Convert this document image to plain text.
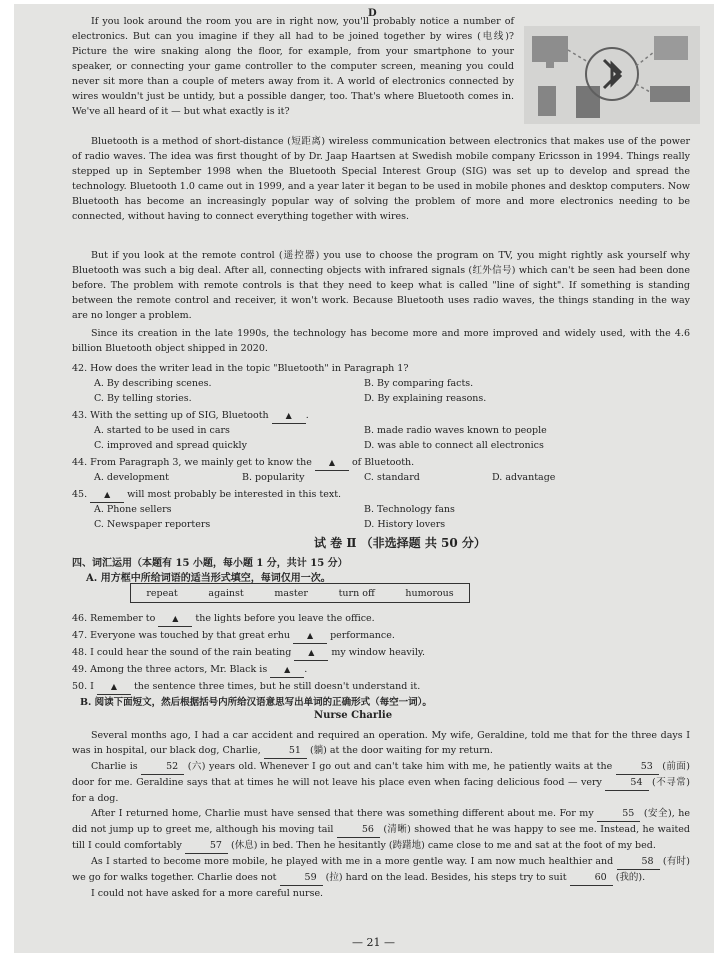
D

If you look around the room you are in right now, you'll probably notice a number of electronics. But can you imagine if they all had to be joined together by wires (电线)? Picture the wire snaking along the floor, for example, from your smartphone to your speaker, or connecting your game controller to the computer screen, meaning you could never sit more than a couple of meters away from it. A world of electronics connected by wires wouldn't just be untidy, but a possible danger, too. That's where Bluetooth comes in. We've all heard of it — but what exactly is it?

Bluetooth is a method of short-distance (短距离) wireless communication between electronics that makes use of the power of radio waves. The idea was first thought of by Dr. Jaap Haartsen at Swedish mobile company Ericsson in 1994. Things really stepped up in September 1998 when the Bluetooth Special Interest Group (SIG) was set up to develop and spread the technology. Bluetooth 1.0 came out in 1999, and a year later it began to be used in mobile phones and desktop computers. Now Bluetooth has become an increasingly popular way of solving the problem of more and more electronics needing to be connected, without having to connect everything together with wires.

But if you look at the remote control (遥控器) you use to choose the program on TV, you might rightly ask yourself why Bluetooth was such a big deal. After all, connecting objects with infrared signals (红外信号) which can't be seen had been done before. The problem with remote controls is that they need to keep what is called "line of sight". If something is standing between the remote control and receiver, it won't work. Because Bluetooth uses radio waves, the things standing in the way are no longer a problem.

Since its creation in the late 1990s, the technology has become more and more improved and widely used, with the 4.6 billion Bluetooth object shipped in 2020.

42. How does the writer lead in the topic "Bluetooth" in Paragraph 1?
A. By describing scenes.	B. By comparing facts.
C. By telling stories.	D. By explaining reasons.
43. With the setting up of SIG, Bluetooth ▲ .
A. started to be used in cars	B. made radio waves known to people
C. improved and spread quickly	D. was able to connect all electronics
44. From Paragraph 3, we mainly get to know the ▲ of Bluetooth.
A. development	B. popularity	C. standard	D. advantage
45. ▲ will most probably be interested in this text.
A. Phone sellers	B. Technology fans
C. Newspaper reporters	D. History lovers
试 卷 Ⅱ （非选择题 共 50 分）
四、词汇运用（本题有 15 小题，每小题 1 分，共计 15 分）
A. 用方框中所给词语的适当形式填空，每词仅用一次。
repeat	against	master	turn off	humorous
46. Remember to ▲ the lights before you leave the office.
47. Everyone was touched by that great erhu ▲ performance.
48. I could hear the sound of the rain beating ▲ my window heavily.
49. Among the three actors, Mr. Black is ▲ .
50. I ▲ the sentence three times, but he still doesn't understand it.
B. 阅读下面短文，然后根据括号内所给汉语意思写出单词的正确形式（每空一词）。
Nurse Charlie

Several months ago, I had a car accident and required an operation. My wife, Geraldine, told me that for the three days I was in hospital, our black dog, Charlie,	51 (躺) at the door waiting for my return.

Charlie is	52 (六) years old. Whenever I go out and can't take him with me, he patiently waits at the	53 (前面) door for me. Geraldine says that at times he will not leave his place even when facing delicious food — very	54 (不寻常) for a dog.

After I returned home, Charlie must have sensed that there was something different about me. For my	55 (安全), he did not jump up to greet me, although his moving tail	56 (清晰) showed that he was happy to see me. Instead, he waited till I could comfortably	57 (休息) in bed. Then he hesitantly (踌躇地) came close to me and sat at the foot of my bed.

As I started to become more mobile, he played with me in a more gentle way. I am now much healthier and	58 (有时) we go for walks together. Charlie does not	59 (拉) hard on the lead. Besides, his steps try to suit	60 (我的).

I could not have asked for a more careful nurse.

— 21 —
